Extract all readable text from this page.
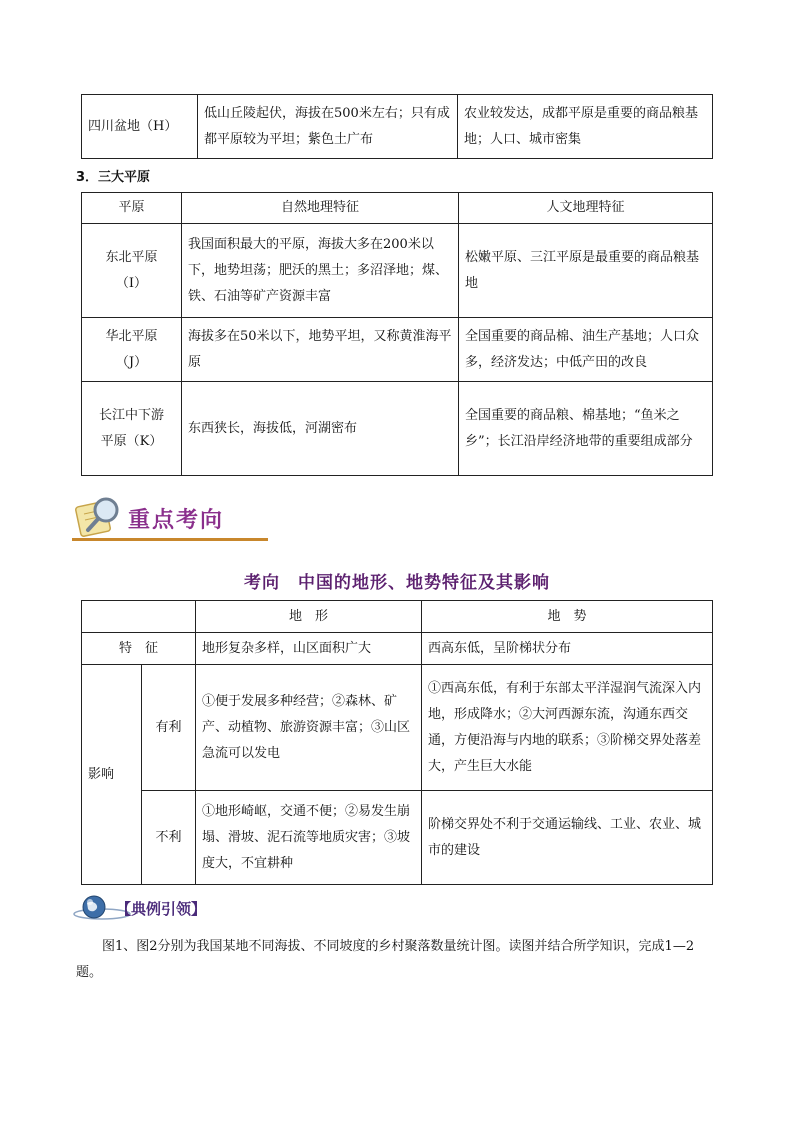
四川盆地（H）	低山丘陵起伏，海拔在500米左右；只有成都平原较为平坦；紫色土广布	农业较发达，成都平原是重要的商品粮基地；人口、城市密集
3．三大平原
平原	自然地理特征	人文地理特征

东北平原
（I）	我国面积最大的平原，海拔大多在200米以下，地势坦荡；肥沃的黑土；多沼泽地；煤、铁、石油等矿产资源丰富	松嫩平原、三江平原是最重要的商品粮基地

华北平原
（J）	海拔多在50米以下，地势平坦，又称黄淮海平原	全国重要的商品棉、油生产基地；人口众多，经济发达；中低产田的改良

长江中下游
平原（K）	东西狭长，海拔低，河湖密布	全国重要的商品粮、棉基地；“鱼米之乡”；长江沿岸经济地带的重要组成部分
重点考向
考向　中国的地形、地势特征及其影响
		地　形	地　势
特　征		地形复杂多样，山区面积广大	西高东低，呈阶梯状分布
影响	有利	①便于发展多种经营；②森林、矿产、动植物、旅游资源丰富；③山区急流可以发电	①西高东低，有利于东部太平洋湿润气流深入内地，形成降水；②大河西源东流，沟通东西交通，方便沿海与内地的联系；③阶梯交界处落差大，产生巨大水能
	不利	①地形崎岖，交通不便；②易发生崩塌、滑坡、泥石流等地质灾害；③坡度大，不宜耕种	阶梯交界处不利于交通运输线、工业、农业、城市的建设
【典例引领】
图1、图2分别为我国某地不同海拔、不同坡度的乡村聚落数量统计图。读图并结合所学知识，完成1—2题。
